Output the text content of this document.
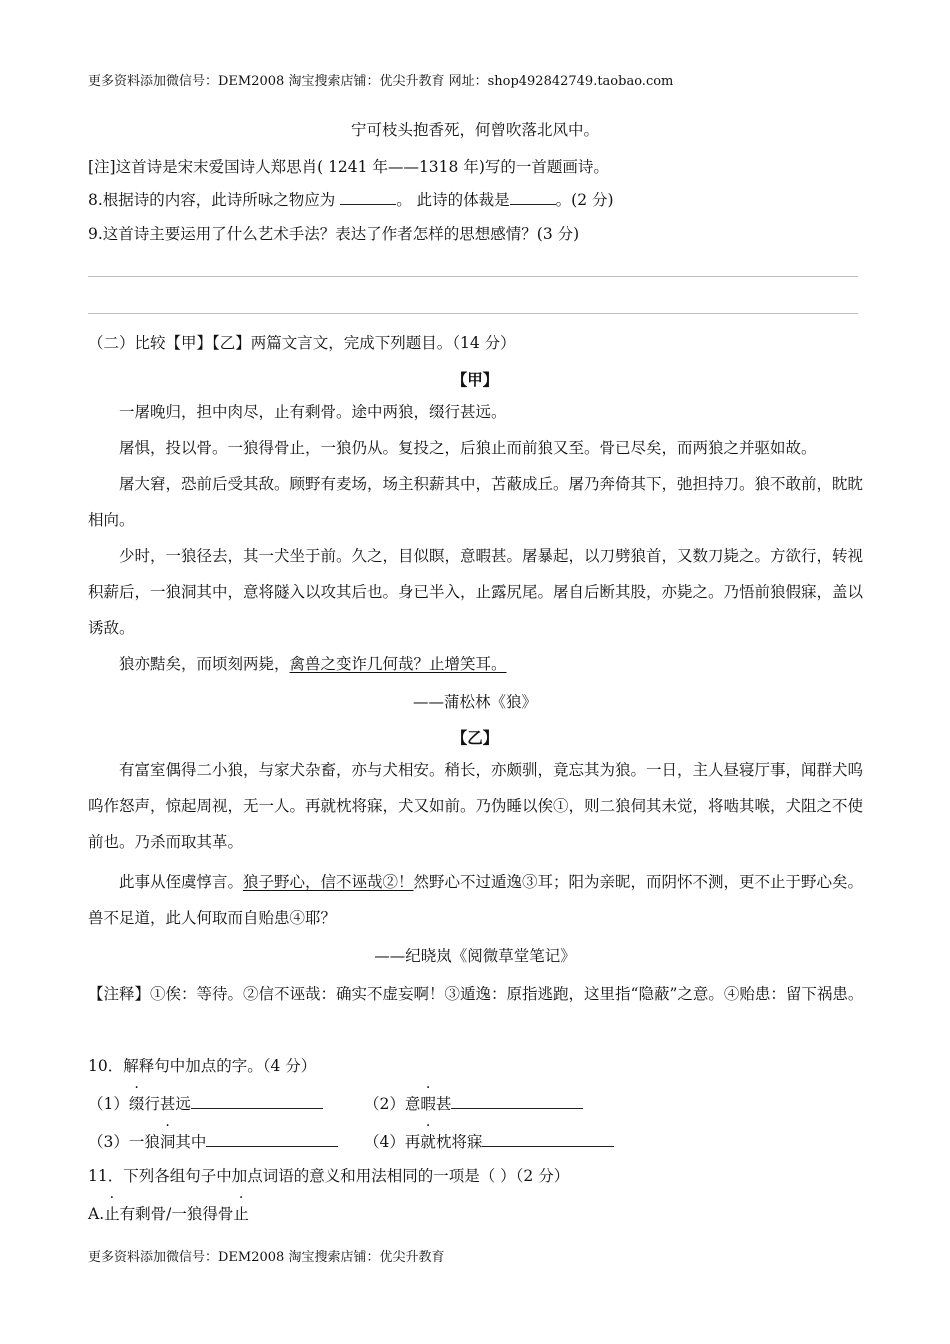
更多资料添加微信号：DEM2008 淘宝搜索店铺：优尖升教育 网址：shop492842749.taobao.com
宁可枝头抱香死，何曾吹落北风中。
[注]这首诗是宋末爱国诗人郑思肖( 1241 年——1318 年)写的一首题画诗。
8.根据诗的内容，此诗所咏之物应为	。 此诗的体裁是	。(2 分)
9.这首诗主要运用了什么艺术手法？表达了作者怎样的思想感情？(3 分)
（二）比较【甲】【乙】两篇文言文，完成下列题目。（14 分）
【甲】
一屠晚归，担中肉尽，止有剩骨。途中两狼，缀行甚远。
屠惧，投以骨。一狼得骨止，一狼仍从。复投之，后狼止而前狼又至。骨已尽矣，而两狼之并驱如故。
屠大窘，恐前后受其敌。顾野有麦场，场主积薪其中，苫蔽成丘。屠乃奔倚其下，弛担持刀。狼不敢前，眈眈相向。
少时，一狼径去，其一犬坐于前。久之，目似瞑，意暇甚。屠暴起，以刀劈狼首，又数刀毙之。方欲行，转视积薪后，一狼洞其中，意将隧入以攻其后也。身已半入，止露尻尾。屠自后断其股，亦毙之。乃悟前狼假寐，盖以诱敌。
狼亦黠矣，而顷刻两毙，禽兽之变诈几何哉？止增笑耳。
——蒲松林《狼》
【乙】
有富室偶得二小狼，与家犬杂畜，亦与犬相安。稍长，亦颇驯，竟忘其为狼。一日，主人昼寝厅事，闻群犬呜呜作怒声，惊起周视，无一人。再就枕将寐，犬又如前。乃伪睡以俟①，则二狼伺其未觉，将啮其喉，犬阻之不使前也。乃杀而取其革。
此事从侄虞惇言。狼子野心，信不诬哉②！然野心不过遁逸③耳；阳为亲昵，而阴怀不测，更不止于野心矣。兽不足道，此人何取而自贻患④耶？
——纪晓岚《阅微草堂笔记》
【注释】①俟：等待。②信不诬哉：确实不虚妄啊！③遁逸：原指逃跑，这里指“隐蔽”之意。④贻患：留下祸患。
10．解释句中加点的字。（4 分）
（1）缀行甚远	（2）意暇甚
（3）一狼洞其中	（4）再就枕将寐
11．下列各组句子中加点词语的意义和用法相同的一项是（ ）（2 分）
A.止有剩骨/一狼得骨止
更多资料添加微信号：DEM2008 淘宝搜索店铺：优尖升教育
